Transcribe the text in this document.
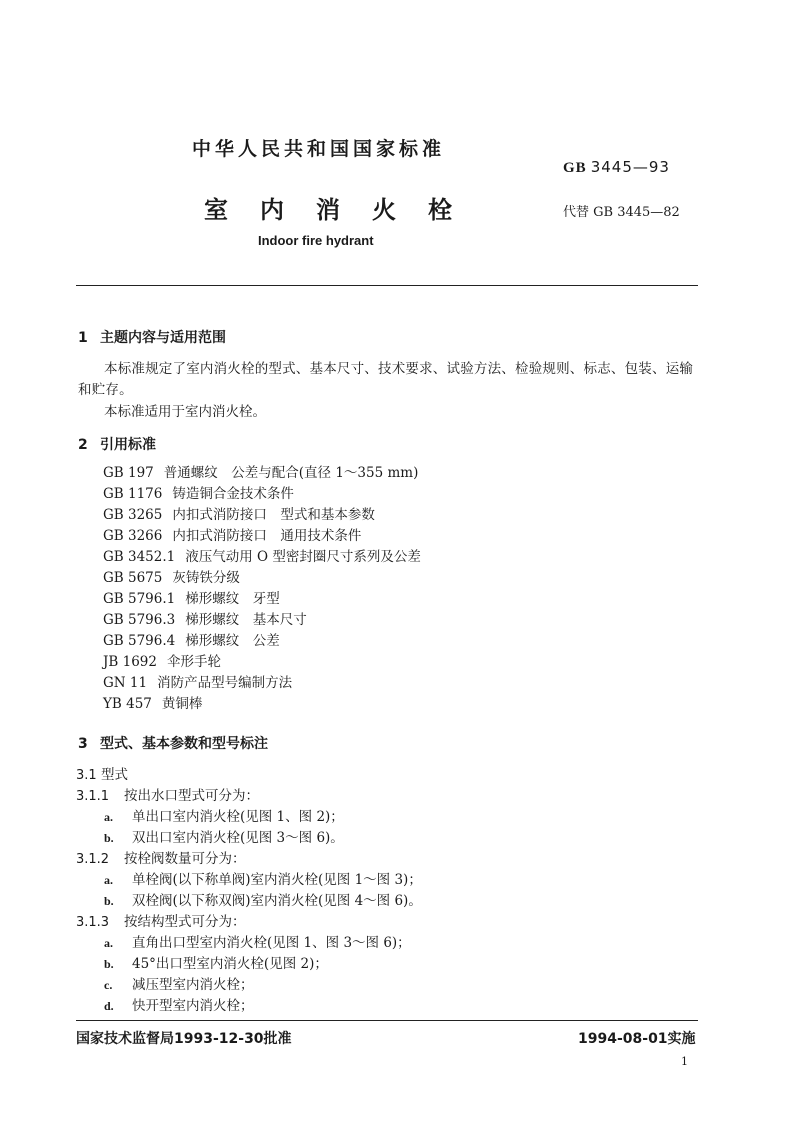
中华人民共和国国家标准
GB 3445—93
室内消火栓	代替 GB 3445—82
Indoor fire hydrant
1 主题内容与适用范围
本标准规定了室内消火栓的型式、基本尺寸、技术要求、试验方法、检验规则、标志、包装、运输和贮存。
本标准适用于室内消火栓。
2 引用标准
GB 197 普通螺纹　公差与配合(直径 1～355 mm)
GB 1176 铸造铜合金技术条件
GB 3265 内扣式消防接口　型式和基本参数
GB 3266 内扣式消防接口　通用技术条件
GB 3452.1 液压气动用 O 型密封圈尺寸系列及公差
GB 5675 灰铸铁分级
GB 5796.1 梯形螺纹　牙型
GB 5796.3 梯形螺纹　基本尺寸
GB 5796.4 梯形螺纹　公差
JB 1692 伞形手轮
GN 11 消防产品型号编制方法
YB 457 黄铜棒
3 型式、基本参数和型号标注
3.1 型式
3.1.1 按出水口型式可分为：
a. 单出口室内消火栓(见图 1、图 2)；
b. 双出口室内消火栓(见图 3～图 6)。
3.1.2 按栓阀数量可分为：
a. 单栓阀(以下称单阀)室内消火栓(见图 1～图 3)；
b. 双栓阀(以下称双阀)室内消火栓(见图 4～图 6)。
3.1.3 按结构型式可分为：
a. 直角出口型室内消火栓(见图 1、图 3～图 6)；
b. 45°出口型室内消火栓(见图 2)；
c. 减压型室内消火栓；
d. 快开型室内消火栓；
国家技术监督局1993-12-30批准	1994-08-01实施
1
